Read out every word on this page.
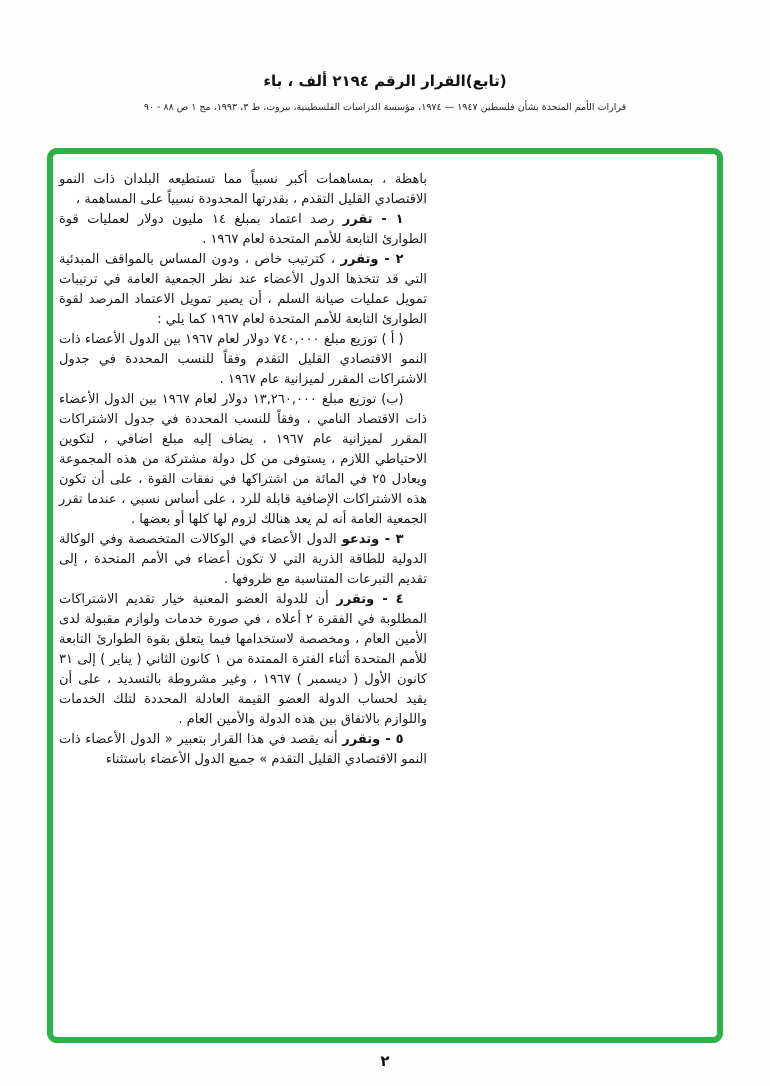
(تابع)القرار الرقم ٢١٩٤ ألف ، باء
قرارات الأمم المتحدة بشأن فلسطين ١٩٤٧ — ١٩٧٤، مؤسسة الدراسات الفلسطينية، بيروت، ط ٣، ١٩٩٣، مج ١ ص ٨٨ - ٩٠

باهظة ، بمساهمات أكبر نسبياً مما تستطيعه البلدان ذات النمو الاقتصادي القليل التقدم ، بقدرتها المحدودة نسبياً على المساهمة ،

١ - تقرر رصد اعتماد بمبلغ ١٤ مليون دولار لعمليات قوة الطوارئ التابعة للأمم المتحدة لعام ١٩٦٧ .

٢ - وتقرر ، كترتيب خاص ، ودون المساس بالمواقف المبدئية التي قد تتخذها الدول الأعضاء عند نظر الجمعية العامة في ترتيبات تمويل عمليات صيانة السلم ، أن يصير تمويل الاعتماد المرصد لقوة الطوارئ التابعة للأمم المتحدة لعام ١٩٦٧ كما يلي :

( أ ) توزيع مبلغ ٧٤٠,٠٠٠ دولار لعام ١٩٦٧ بين الدول الأعضاء ذات النمو الاقتصادي القليل التقدم وفقاً للنسب المحددة في جدول الاشتراكات المقرر لميزانية عام ١٩٦٧ .

(ب) توزيع مبلغ ١٣,٢٦٠,٠٠٠ دولار لعام ١٩٦٧ بين الدول الأعضاء ذات الاقتصاد النامي ، وفقاً للنسب المحددة في جدول الاشتراكات المقرر لميزانية عام ١٩٦٧ ، يضاف إليه مبلغ اضافي ، لتكوين الاحتياطي اللازم ، يستوفى من كل دولة مشتركة من هذه المجموعة ويعادل ٢٥ في المائة من اشتراكها في نفقات القوة ، على أن تكون هذه الاشتراكات الإضافية قابلة للرد ، على أساس نسبي ، عندما تقرر الجمعية العامة أنه لم يعد هنالك لزوم لها كلها أو بعضها .

٣ - وتدعو الدول الأعضاء في الوكالات المتخصصة وفي الوكالة الدولية للطاقة الذرية التي لا تكون أعضاء في الأمم المتحدة ، إلى تقديم التبرعات المتناسبة مع ظروفها .

٤ - وتقرر أن للدولة العضو المعنية خيار تقديم الاشتراكات المطلوبة في الفقرة ٢ أعلاه ، في صورة خدمات ولوازم مقبولة لدى الأمين العام ، ومخصصة لاستخدامها فيما يتعلق بقوة الطوارئ التابعة للأمم المتحدة أثناء الفترة الممتدة من ١ كانون الثاني ( يناير ) إلى ٣١ كانون الأول ( ديسمبر ) ١٩٦٧ ، وغير مشروطة بالتسديد ، على أن يقيد لحساب الدولة العضو القيمة العادلة المحددة لتلك الخدمات واللوازم بالاتفاق بين هذه الدولة والأمين العام .

٥ - وتقرر أنه يقصد في هذا القرار بتعبير « الدول الأعضاء ذات النمو الاقتصادي القليل التقدم » جميع الدول الأعضاء باستثناء

٢
